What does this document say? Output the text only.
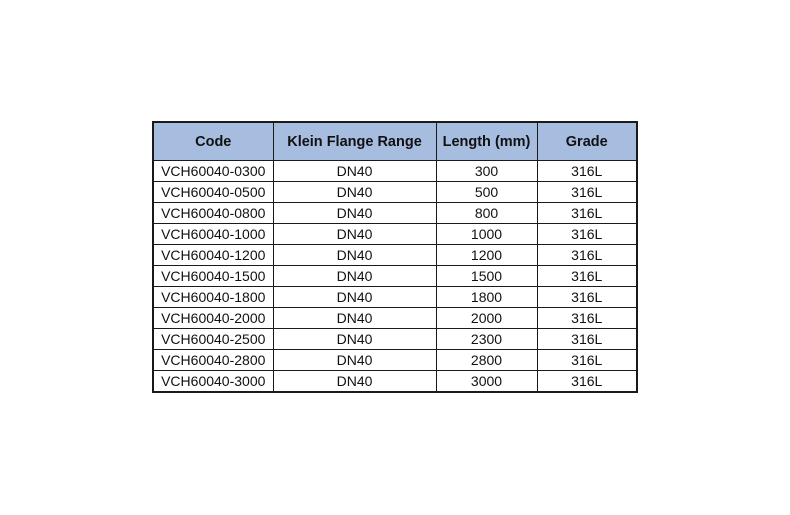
Code	Klein Flange Range	Length (mm)	Grade
VCH60040-0300	DN40	300	316L
VCH60040-0500	DN40	500	316L
VCH60040-0800	DN40	800	316L
VCH60040-1000	DN40	1000	316L
VCH60040-1200	DN40	1200	316L
VCH60040-1500	DN40	1500	316L
VCH60040-1800	DN40	1800	316L
VCH60040-2000	DN40	2000	316L
VCH60040-2500	DN40	2300	316L
VCH60040-2800	DN40	2800	316L
VCH60040-3000	DN40	3000	316L
